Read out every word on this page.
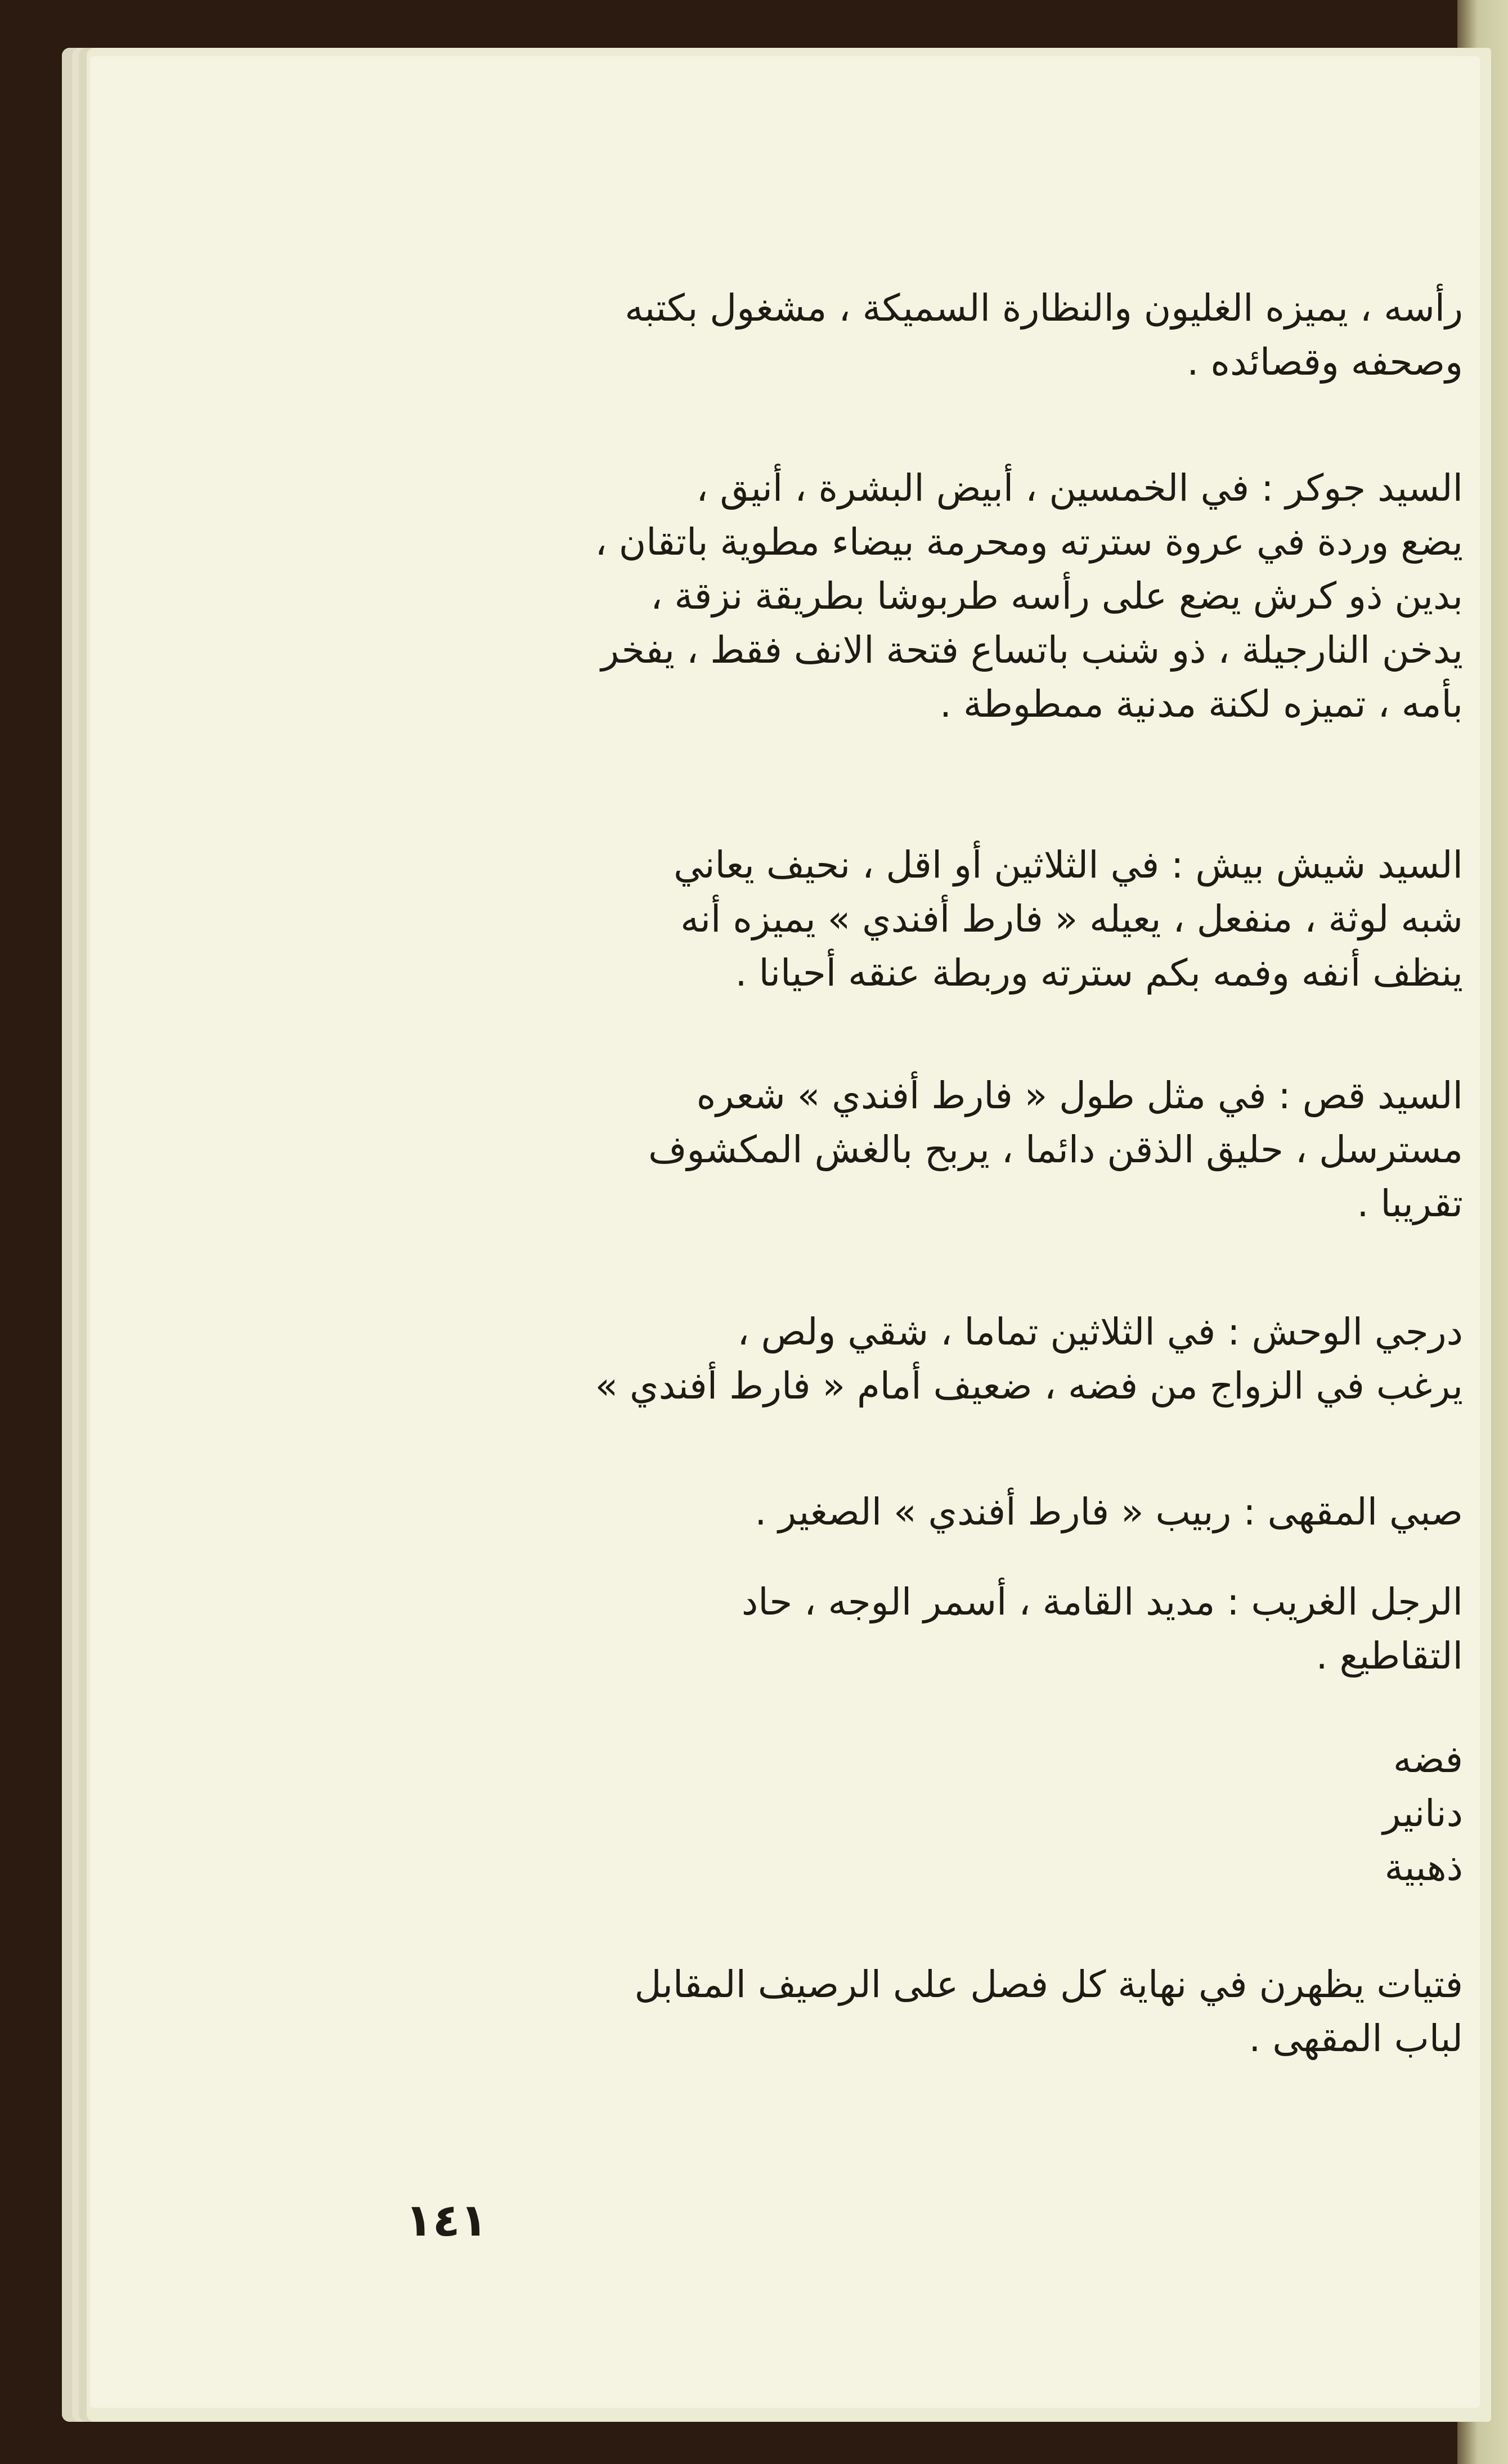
رأسه ، يميزه الغليون والنظارة السميكة ، مشغول بكتبه
وصحفه وقصائده .

السيد جوكر : في الخمسين ، أبيض البشرة ، أنيق ،
يضع وردة في عروة سترته ومحرمة بيضاء مطوية باتقان ،
بدين ذو كرش يضع على رأسه طربوشا بطريقة نزقة ،
يدخن النارجيلة ، ذو شنب باتساع فتحة الانف فقط ، يفخر
بأمه ، تميزه لكنة مدنية ممطوطة .

السيد شيش بيش : في الثلاثين أو اقل ، نحيف يعاني
شبه لوثة ، منفعل ، يعيله « فارط أفندي » يميزه أنه
ينظف أنفه وفمه بكم سترته وربطة عنقه أحيانا .

السيد قص : في مثل طول « فارط أفندي » شعره
مسترسل ، حليق الذقن دائما ، يربح بالغش المكشوف
تقريبا .

درجي الوحش : في الثلاثين تماما ، شقي ولص ،
يرغب في الزواج من فضه ، ضعيف أمام « فارط أفندي »

صبي المقهى : ربيب « فارط أفندي » الصغير .

الرجل الغريب : مديد القامة ، أسمر الوجه ، حاد
التقاطيع .

فضه
دنانير
ذهبية

فتيات يظهرن في نهاية كل فصل على الرصيف المقابل
لباب المقهى .

١٤١
